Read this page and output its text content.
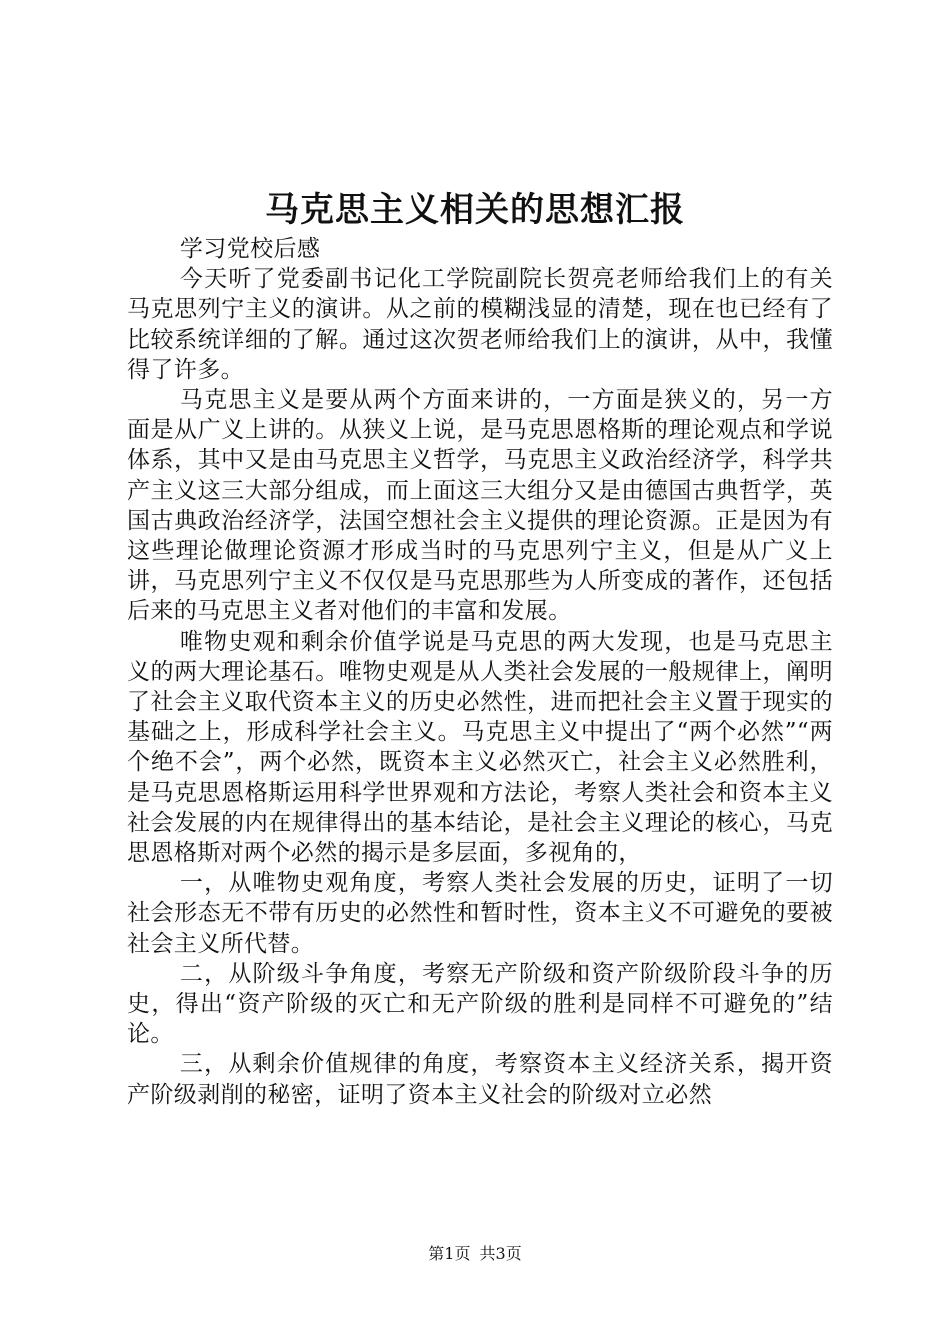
马克思主义相关的思想汇报

学习党校后感

今天听了党委副书记化工学院副院长贺亮老师给我们上的有关马克思列宁主义的演讲。从之前的模糊浅显的清楚，现在也已经有了比较系统详细的了解。通过这次贺老师给我们上的演讲，从中，我懂得了许多。

马克思主义是要从两个方面来讲的，一方面是狭义的，另一方面是从广义上讲的。从狭义上说，是马克思恩格斯的理论观点和学说体系，其中又是由马克思主义哲学，马克思主义政治经济学，科学共产主义这三大部分组成，而上面这三大组分又是由德国古典哲学，英国古典政治经济学，法国空想社会主义提供的理论资源。正是因为有这些理论做理论资源才形成当时的马克思列宁主义，但是从广义上讲，马克思列宁主义不仅仅是马克思那些为人所变成的著作，还包括后来的马克思主义者对他们的丰富和发展。

唯物史观和剩余价值学说是马克思的两大发现，也是马克思主义的两大理论基石。唯物史观是从人类社会发展的一般规律上，阐明了社会主义取代资本主义的历史必然性，进而把社会主义置于现实的基础之上，形成科学社会主义。马克思主义中提出了“两个必然”“两个绝不会”，两个必然，既资本主义必然灭亡，社会主义必然胜利，是马克思恩格斯运用科学世界观和方法论，考察人类社会和资本主义社会发展的内在规律得出的基本结论，是社会主义理论的核心，马克思恩格斯对两个必然的揭示是多层面，多视角的，

一，从唯物史观角度，考察人类社会发展的历史，证明了一切社会形态无不带有历史的必然性和暂时性，资本主义不可避免的要被社会主义所代替。

二，从阶级斗争角度，考察无产阶级和资产阶级阶段斗争的历史，得出“资产阶级的灭亡和无产阶级的胜利是同样不可避免的”结论。

三，从剩余价值规律的角度，考察资本主义经济关系，揭开资产阶级剥削的秘密，证明了资本主义社会的阶级对立必然

第1页 共3页
